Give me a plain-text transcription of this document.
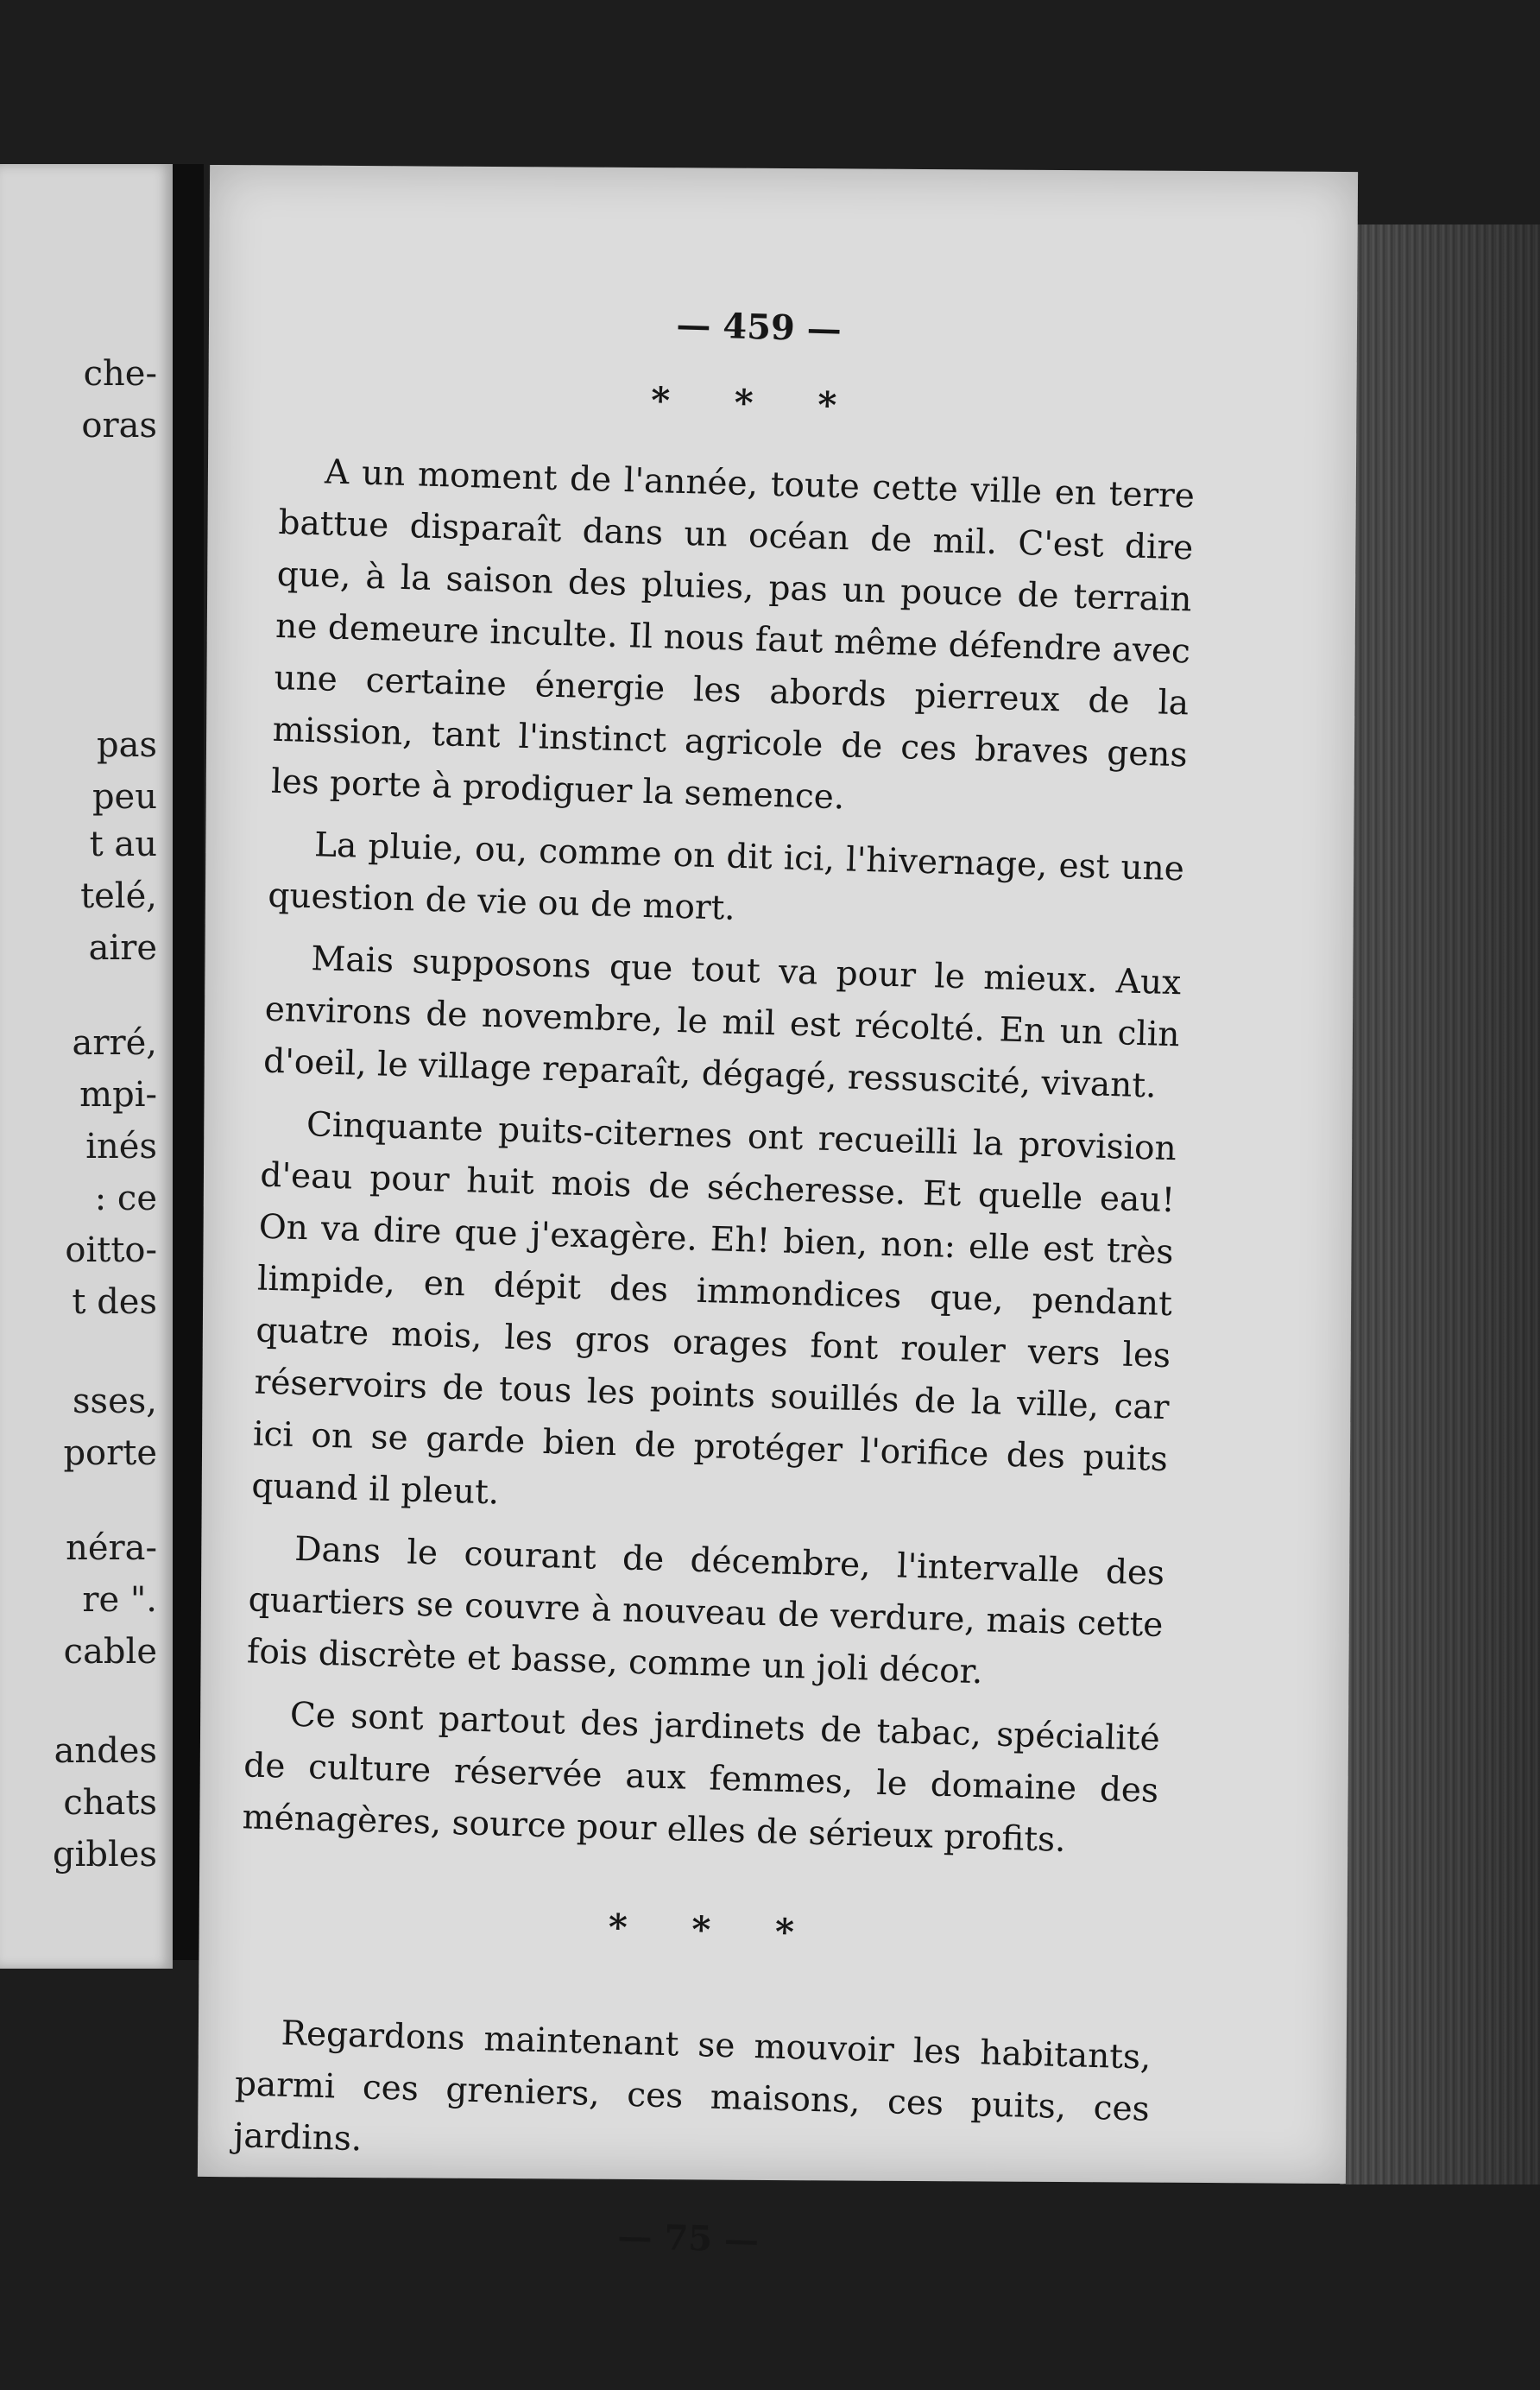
che-
oras
pas
peu
t au
telé,
aire
arré,
mpi-
inés
: ce
oitto-
t des
sses,
porte
néra-
re ".
cable
andes
chats
gibles
— 459 —
* * *

A un moment de l'année, toute cette ville en terre battue disparaît dans un océan de mil. C'est dire que, à la saison des pluies, pas un pouce de terrain ne demeure inculte. Il nous faut même défendre avec une certaine énergie les abords pierreux de la mission, tant l'instinct agricole de ces braves gens les porte à prodiguer la semence.

La pluie, ou, comme on dit ici, l'hivernage, est une question de vie ou de mort.

Mais supposons que tout va pour le mieux. Aux environs de novembre, le mil est récolté. En un clin d'oeil, le village reparaît, dégagé, ressuscité, vivant.

Cinquante puits-citernes ont recueilli la provision d'eau pour huit mois de sécheresse. Et quelle eau! On va dire que j'exagère. Eh! bien, non: elle est très limpide, en dépit des immondices que, pendant quatre mois, les gros orages font rouler vers les réservoirs de tous les points souillés de la ville, car ici on se garde bien de protéger l'orifice des puits quand il pleut.

Dans le courant de décembre, l'intervalle des quartiers se couvre à nouveau de verdure, mais cette fois discrète et basse, comme un joli décor.

Ce sont partout des jardinets de tabac, spécialité de culture réservée aux femmes, le domaine des ménagères, source pour elles de sérieux profits.

* * *

Regardons maintenant se mouvoir les habitants, parmi ces greniers, ces maisons, ces puits, ces jardins.

— 75 —
